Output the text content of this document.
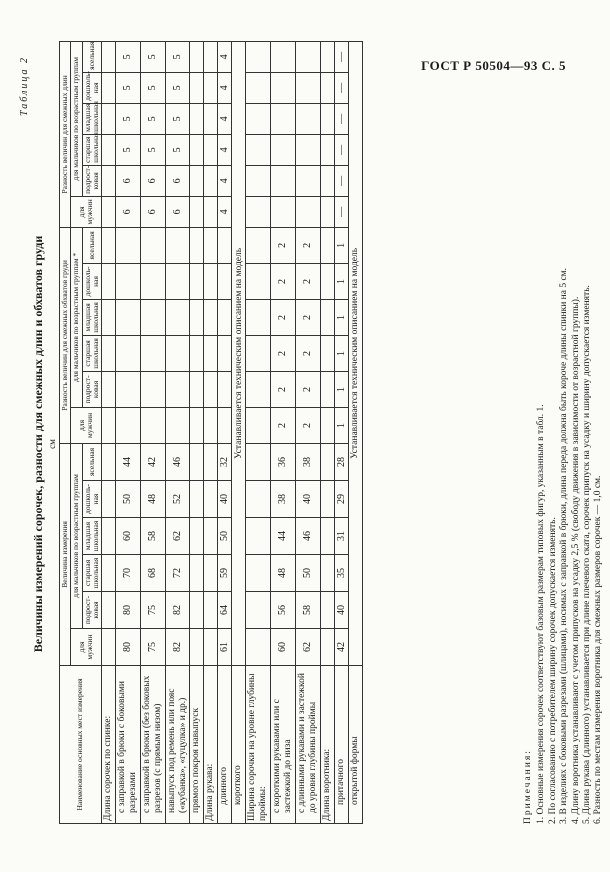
ГОСТ Р 50504—93 С. 5
Таблица 2
Величины измерений сорочек, разности для смежных длин и обхватов груди см
Наименование основных мест измерения	Величина измерения						Разность величин для смежных обхватов груди						Разность величин для смежных длин					
	для мужчин	для мальчиков по возрастным группам					для мужчин	для мальчиков по возрастным группам *					для мужчин	для мальчиков по возрастным группам				
		подрост-ковая	старшая школьная	младшая школьная	дошколь-ная	ясельная		подрост-ковая	старшая школьная	младшая школьная	дошколь-ная	ясельная		подрост-ковая	старшая школьная	младшая школьная	дошколь-ная	ясельная
Длина сорочек по спинке:																		
с заправкой в брюки с боковыми разрезами	80	80	70	60	50	44							6	6	5	5	5	5
с заправкой в брюки (без боковых разрезов (с прямым низом)	75	75	68	58	48	42							6	6	5	5	5	5
навыпуск под ремень или пояс («кубанка», «гуцулка» и др.)	82	82	72	62	52	46							6	6	5	5	5	5
прямого покроя навыпуск																		
Длина рукава:																		
длинного	61	64	59	50	40	32							4	4	4	4	4	4
короткого	Устанавливается техническим описанием на модель																	
Ширина сорочки на уровне глубины проймы:																		
с короткими рукавами или с застежкой до низа	60	56	48	44	38	36	2	2	2	2	2	2						
с длинными рукавами и застежкой до уровня глубины проймы	62	58	50	46	40	38	2	2	2	2	2	2						
Длина воротника:																		
притачного	42	40	35	31	29	28	1	1	1	1	1	1	—	—	—	—	—	—
открытой формы	Устанавливается техническим описанием на модель																	
Примечания: 1. Основные измерения сорочек соответствуют базовым размерам типовых фигур, указанным в табл. 1. 2. По согласованию с потребителем ширину сорочек допускается изменять. 3. В изделиях с боковыми разрезами (шлицами), носимых с заправкой в брюки, длина переда должна быть короче длины спинки на 5 см. 4. Длину воротника устанавливают с учетом припусков на усадку 2,5 % (свободу движения в зависимости от возрастной группы). 5. Длина рукава (длинного) устанавливается при длине плечевого ската, сорочек припуск на усадку и ширину допускается изменять. 6. Разность по местам измерения воротника для смежных размеров сорочек — 1,0 см.
